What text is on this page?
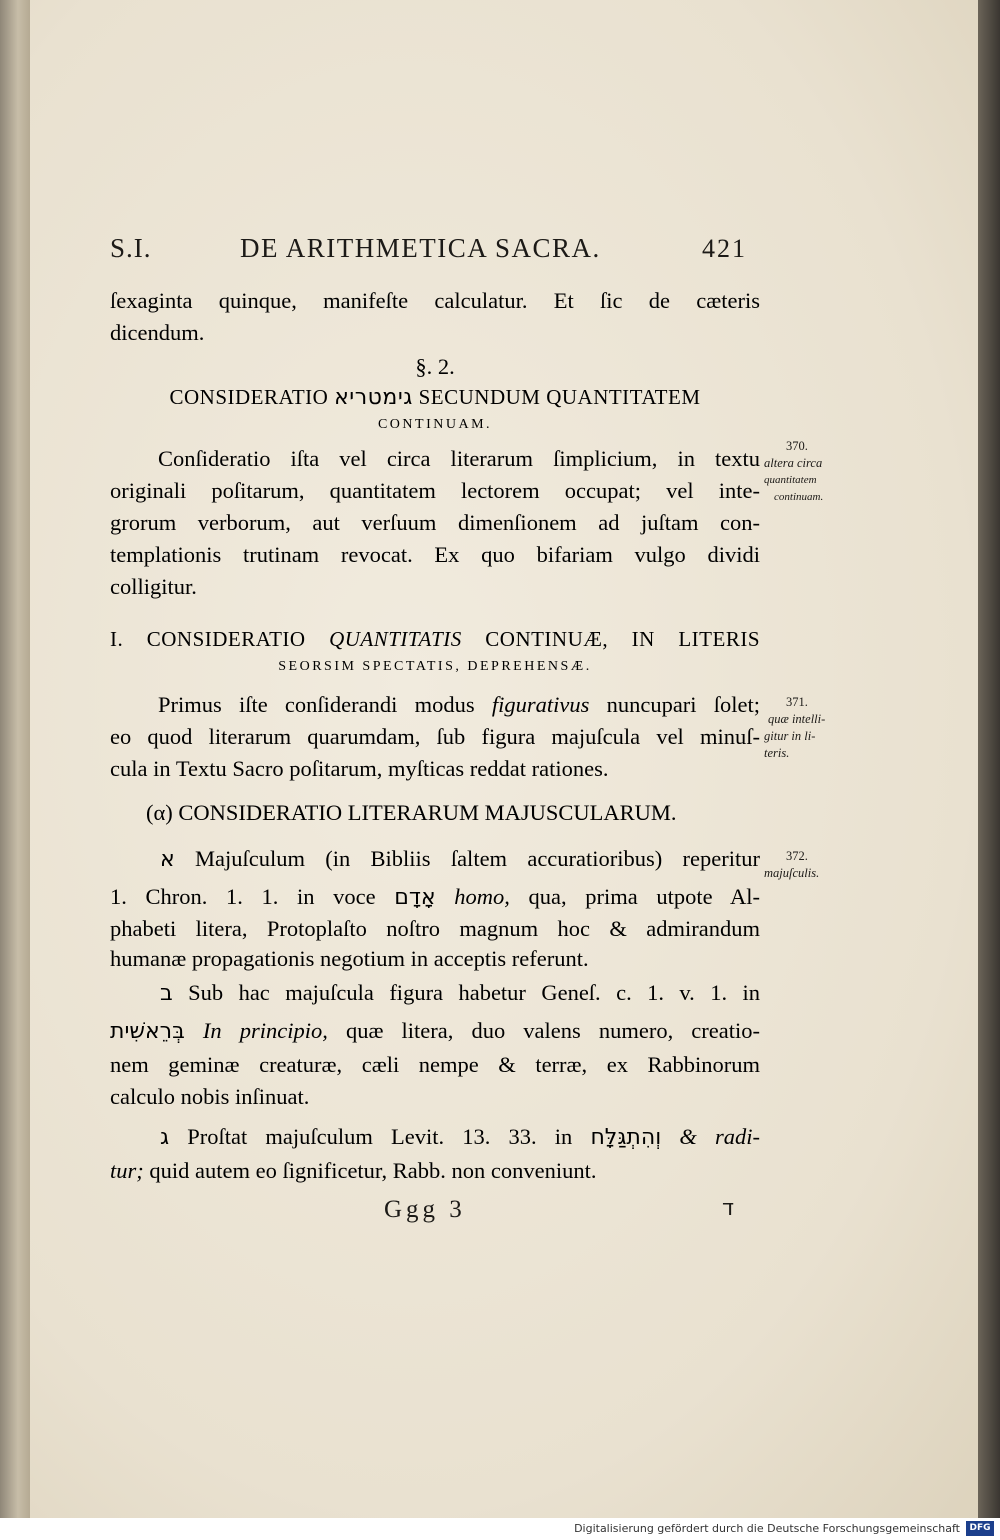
S.I.	DE ARITHMETICA SACRA.	421
ſexaginta quinque, manifeſte calculatur. Et ſic de cæteris
dicendum.
§. 2.
CONSIDERATIO גימטריא SECUNDUM QUANTITATEM
CONTINUAM.
Conſideratio iſta vel circa literarum ſimplicium, in textu
originali poſitarum, quantitatem lectorem occupat; vel inte-
grorum verborum, aut verſuum dimenſionem ad juſtam con-
templationis trutinam revocat. Ex quo bifariam vulgo dividi
colligitur.
I. CONSIDERATIO QUANTITATIS CONTINUÆ, IN LITERIS
SEORSIM SPECTATIS, DEPREHENSÆ.
Primus iſte conſiderandi modus figurativus nuncupari ſolet;
eo quod literarum quarumdam, ſub figura majuſcula vel minuſ-
cula in Textu Sacro poſitarum, myſticas reddat rationes.
(α) CONSIDERATIO LITERARUM MAJUSCULARUM.
א Majuſculum (in Bibliis ſaltem accuratioribus) reperitur
1. Chron. 1. 1. in voce אָדָם homo, qua, prima utpote Al-
phabeti litera, Protoplaſto noſtro magnum hoc & admirandum
humanæ propagationis negotium in acceptis referunt.
ב Sub hac majuſcula figura habetur Geneſ. c. 1. v. 1. in
בְּרֵאשִׁית In principio, quæ litera, duo valens numero, creatio-
nem geminæ creaturæ, cæli nempe & terræ, ex Rabbinorum
calculo nobis inſinuat.
ג Proſtat majuſculum Levit. 13. 33. in וְהִתְגַּלָּח & radi-
tur; quid autem eo ſignificetur, Rabb. non conveniunt.
370.
altera circa
quantitatem
continuam.
371.
quæ intelli-
gitur in li-
teris.
372.
majuſculis.
Ggg 3	ד
Digitalisierung gefördert durch die Deutsche Forschungsgemeinschaft	DFG
